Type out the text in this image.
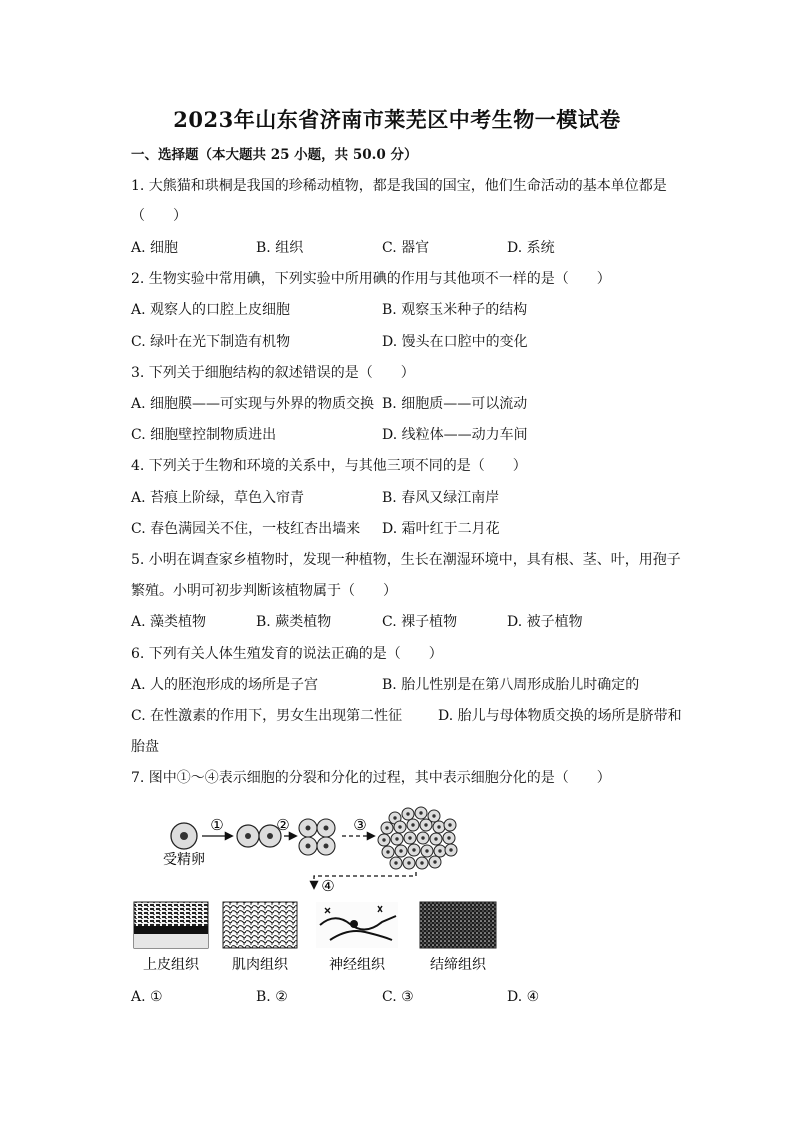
2023年山东省济南市莱芜区中考生物一模试卷
一、选择题（本大题共 25 小题，共 50.0 分）
1. 大熊猫和珙桐是我国的珍稀动植物，都是我国的国宝，他们生命活动的基本单位都是
（　　）
A. 细胞	B. 组织	C. 器官	D. 系统
2. 生物实验中常用碘，下列实验中所用碘的作用与其他项不一样的是（　　）
A. 观察人的口腔上皮细胞	B. 观察玉米种子的结构
C. 绿叶在光下制造有机物	D. 馒头在口腔中的变化
3. 下列关于细胞结构的叙述错误的是（　　）
A. 细胞膜——可实现与外界的物质交换 B. 细胞质——可以流动
C. 细胞壁控制物质进出	D. 线粒体——动力车间
4. 下列关于生物和环境的关系中，与其他三项不同的是（　　）
A. 苔痕上阶绿，草色入帘青	B. 春风又绿江南岸
C. 春色满园关不住，一枝红杏出墙来 D. 霜叶红于二月花
5. 小明在调查家乡植物时，发现一种植物，生长在潮湿环境中，具有根、茎、叶，用孢子
繁殖。小明可初步判断该植物属于（　　）
A. 藻类植物	B. 蕨类植物	C. 裸子植物	D. 被子植物
6. 下列有关人体生殖发育的说法正确的是（　　）
A. 人的胚泡形成的场所是子宫	B. 胎儿性别是在第八周形成胎儿时确定的
C. 在性激素的作用下，男女生出现第二性征	D. 胎儿与母体物质交换的场所是脐带和
胎盘
7. 图中①～④表示细胞的分裂和分化的过程，其中表示细胞分化的是（　　）
受精卵
①	②	③
④
上皮组织 肌肉组织	神经组织	结缔组织
A. ①	B. ②	C. ③	D. ④
